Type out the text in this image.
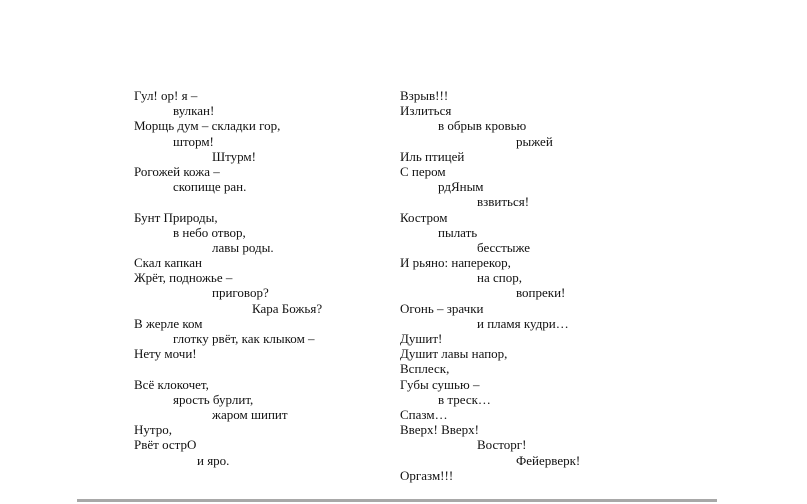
Гул! ор! я –
вулкан!
Морщь дум – складки гор,
шторм!
Штурм!
Рогожей кожа –
скопище ран.
Бунт Природы,
в небо отвор,
лавы роды.
Скал капкан
Жрёт, подножье –
приговор?
Кара Божья?
В жерле ком
глотку рвёт, как клыком –
Нету мочи!
Всё клокочет,
ярость бурлит,
жаром шипит
Нутро,
Рвёт острО
и яро.
Взрыв!!!
Излиться
в обрыв кровью
рыжей
Иль птицей
С пером
рдЯным
взвиться!
Костром
пылать
бесстыже
И рьяно: наперекор,
на спор,
вопреки!
Огонь – зрачки
и пламя кудри…
Душит!
Душит лавы напор,
Всплеск,
Губы сушью –
в треск…
Спазм…
Вверх! Вверх!
Восторг!
Фейерверк!
Оргазм!!!
